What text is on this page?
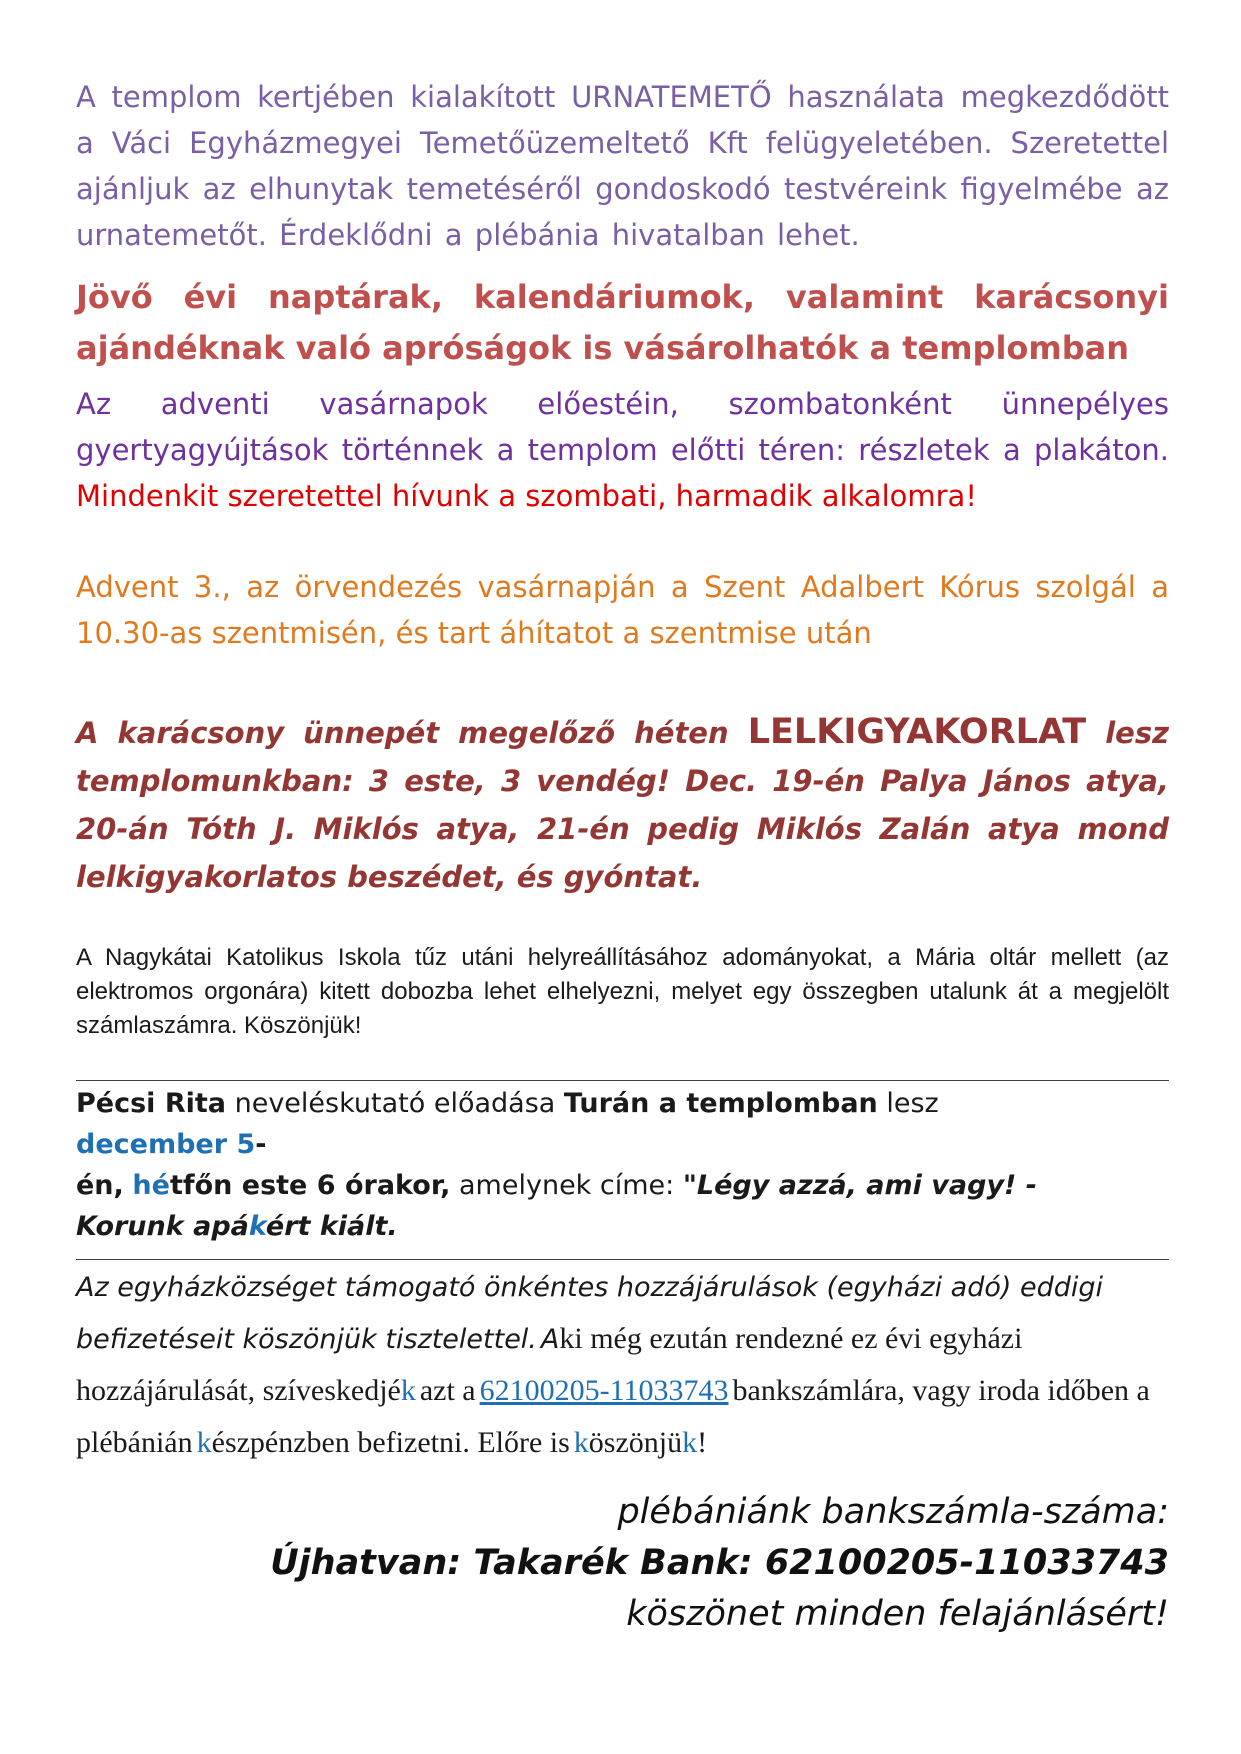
A templom kertjében kialakított URNATEMETŐ használata megkezdődött a Váci Egyházmegyei Temetőüzemeltető Kft felügyeletében. Szeretettel ajánljuk az elhunytak temetéséről gondoskodó testvéreink figyelmébe az urnatemetőt. Érdeklődni a plébánia hivatalban lehet.

Jövő évi naptárak, kalendáriumok, valamint karácsonyi ajándéknak való apróságok is vásárolhatók a templomban

Az adventi vasárnapok előestéin, szombatonként ünnepélyes gyertyagyújtások történnek a templom előtti téren: részletek a plakáton. Mindenkit szeretettel hívunk a szombati, harmadik alkalomra!

Advent 3., az örvendezés vasárnapján a Szent Adalbert Kórus szolgál a 10.30-as szentmisén, és tart áhítatot a szentmise után

A karácsony ünnepét megelőző héten LELKIGYAKORLAT lesz templomunkban: 3 este, 3 vendég! Dec. 19-én Palya János atya, 20-án Tóth J. Miklós atya, 21-én pedig Miklós Zalán atya mond lelkigyakorlatos beszédet, és gyóntat.

A Nagykátai Katolikus Iskola tűz utáni helyreállításához adományokat, a Mária oltár mellett (az elektromos orgonára) kitett dobozba lehet elhelyezni, melyet egy összegben utalunk át a megjelölt számlaszámra. Köszönjük!

Pécsi Rita neveléskutató előadása Turán a templomban lesz december 5-
én, hétfőn este 6 órakor, amelynek címe: "Légy azzá, ami vagy! - Korunk apákért kiált.

Az egyházközséget támogató önkéntes hozzájárulások (egyházi adó) eddigi befizetéseit köszönjük tisztelettel. Aki még ezután rendezné ez évi egyházi hozzájárulását, szíveskedjék azt a 62100205-11033743 bankszámlára, vagy iroda időben a plébánián készpénzben befizetni. Előre is köszönjük!

plébániánk bankszámla-száma:
Újhatvan: Takarék Bank: 62100205-11033743
köszönet minden felajánlásért!
